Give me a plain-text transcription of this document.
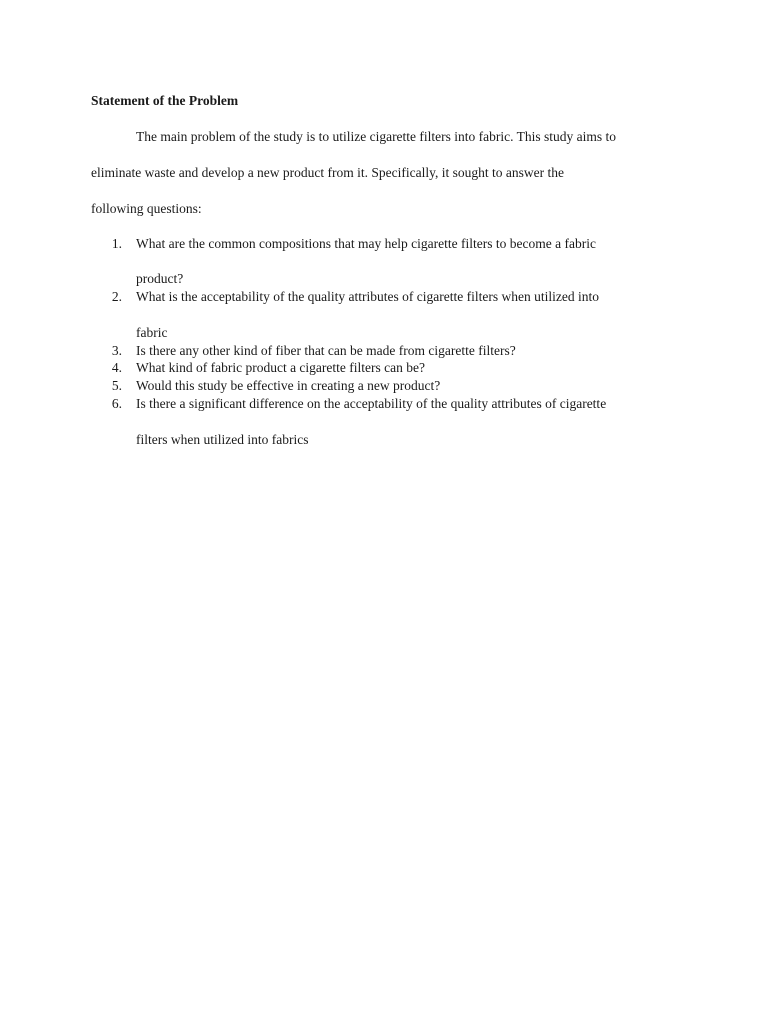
Statement of the Problem
The main problem of the study is to utilize cigarette filters into fabric. This study aims to
eliminate waste and develop a new product from it. Specifically, it sought to answer the
following questions:
1. What are the common compositions that may help cigarette filters to become a fabric
product?
2. What is the acceptability of the quality attributes of cigarette filters when utilized into
fabric
3. Is there any other kind of fiber that can be made from cigarette filters?
4. What kind of fabric product a cigarette filters can be?
5. Would this study be effective in creating a new product?
6. Is there a significant difference on the acceptability of the quality attributes of cigarette
filters when utilized into fabrics
